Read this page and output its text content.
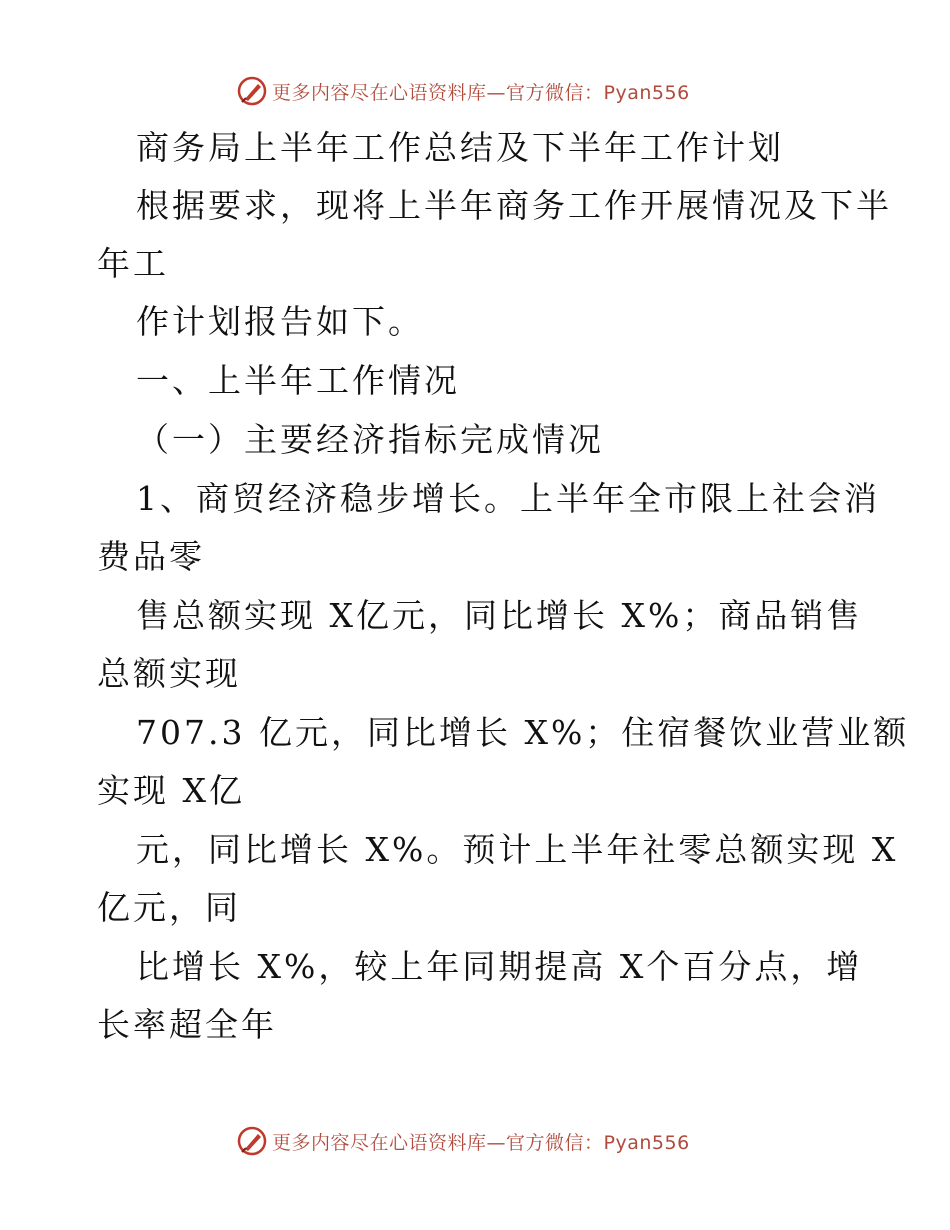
更多内容尽在心语资料库—官方微信：Pyan556
商务局上半年工作总结及下半年工作计划
根据要求，现将上半年商务工作开展情况及下半
年工
作计划报告如下。
一、上半年工作情况
（一）主要经济指标完成情况
1、商贸经济稳步增长。上半年全市限上社会消
费品零
售总额实现 X亿元，同比增长 X%；商品销售
总额实现
707.3 亿元，同比增长 X%；住宿餐饮业营业额
实现 X亿
元，同比增长 X%。预计上半年社零总额实现 X
亿元，同
比增长 X%，较上年同期提高 X个百分点，增
长率超全年
更多内容尽在心语资料库—官方微信：Pyan556
